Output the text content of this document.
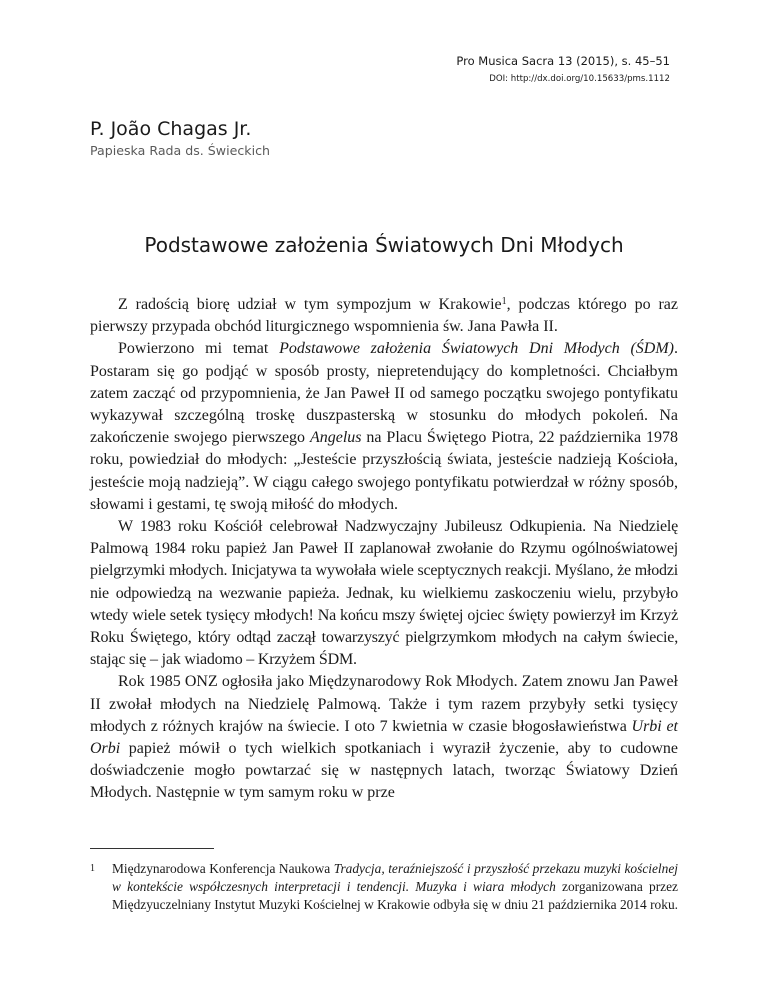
Pro Musica Sacra 13 (2015), s. 45–51
DOI: http://dx.doi.org/10.15633/pms.1112
P. João Chagas Jr.
Papieska Rada ds. Świeckich
Podstawowe założenia Światowych Dni Młodych

Z radością biorę udział w tym sympozjum w Krakowie$^1$, podczas którego po raz pierwszy przypada obchód liturgicznego wspomnienia św. Jana Pawła II.

Powierzono mi temat Podstawowe założenia Światowych Dni Młodych (ŚDM). Postaram się go podjąć w sposób prosty, niepretendujący do kompletności. Chciałbym zatem zacząć od przypomnienia, że Jan Paweł II od samego początku swojego pontyfikatu wykazywał szczególną troskę duszpasterską w stosunku do młodych pokoleń. Na zakończenie swojego pierwszego Angelus na Placu Świętego Piotra, 22 października 1978 roku, powiedział do młodych: „Jesteście przyszłością świata, jesteście nadzieją Kościoła, jesteście moją nadzieją”. W ciągu całego swojego pontyfikatu potwierdzał w różny sposób, słowami i gestami, tę swoją miłość do młodych.

W 1983 roku Kościół celebrował Nadzwyczajny Jubileusz Odkupienia. Na Niedzielę Palmową 1984 roku papież Jan Paweł II zaplanował zwołanie do Rzymu ogólnoświatowej pielgrzymki młodych. Inicjatywa ta wywołała wiele sceptycznych reakcji. Myślano, że młodzi nie odpowiedzą na wezwanie papieża. Jednak, ku wielkiemu zaskoczeniu wielu, przybyło wtedy wiele setek tysięcy młodych! Na końcu mszy świętej ojciec święty powierzył im Krzyż Roku Świętego, który odtąd zaczął towarzyszyć pielgrzymkom młodych na całym świecie, stając się – jak wiadomo – Krzyżem ŚDM.

Rok 1985 ONZ ogłosiła jako Międzynarodowy Rok Młodych. Zatem znowu Jan Paweł II zwołał młodych na Niedzielę Palmową. Także i tym razem przybyły setki tysięcy młodych z różnych krajów na świecie. I oto 7 kwietnia w czasie błogosławieństwa Urbi et Orbi papież mówił o tych wielkich spotkaniach i wyraził życzenie, aby to cudowne doświadczenie mogło powtarzać się w następnych latach, tworząc Światowy Dzień Młodych. Następnie w tym samym roku w prze

1	Międzynarodowa Konferencja Naukowa Tradycja, teraźniejszość i przyszłość przekazu muzyki kościelnej w kontekście współczesnych interpretacji i tendencji. Muzyka i wiara młodych zorganizowana przez Międzyuczelniany Instytut Muzyki Kościelnej w Krakowie odbyła się w dniu 21 października 2014 roku.
